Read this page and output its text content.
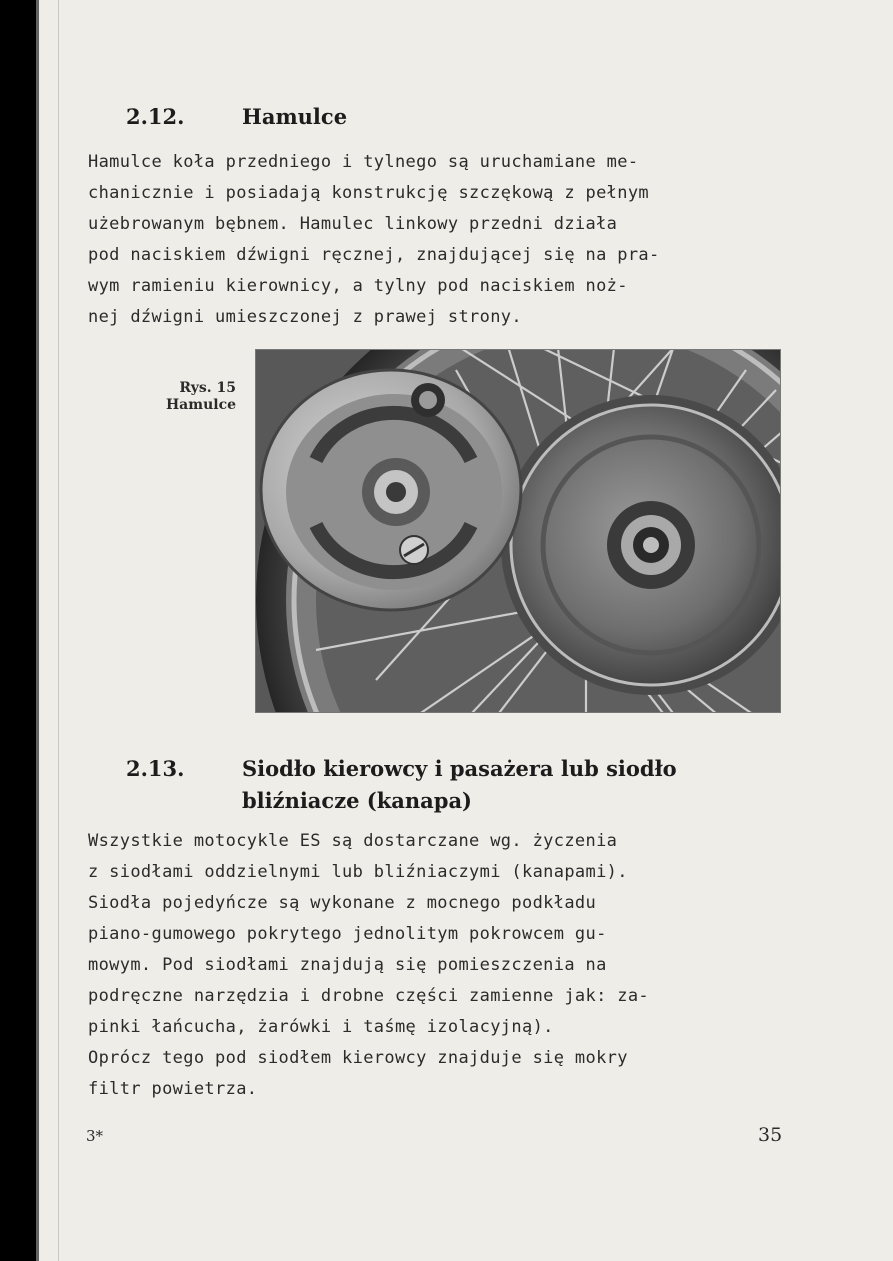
2.12.	Hamulce
Hamulce koła przedniego i tylnego są uruchamiane me-
chanicznie i posiadają konstrukcję szczękową z pełnym
użebrowanym bębnem. Hamulec linkowy przedni działa
pod naciskiem dźwigni ręcznej, znajdującej się na pra-
wym ramieniu kierownicy, a tylny pod naciskiem noż-
nej dźwigni umieszczonej z prawej strony.
Rys. 15
Hamulce
2.13.	Siodło kierowcy i pasażera lub siodło
bliźniacze (kanapa)
Wszystkie motocykle ES są dostarczane wg. życzenia
z siodłami oddzielnymi lub bliźniaczymi (kanapami).
Siodła pojedyńcze są wykonane z mocnego podkładu
piano-gumowego pokrytego jednolitym pokrowcem gu-
mowym. Pod siodłami znajdują się pomieszczenia na
podręczne narzędzia i drobne części zamienne jak: za-
pinki łańcucha, żarówki i taśmę izolacyjną).
Oprócz tego pod siodłem kierowcy znajduje się mokry
filtr powietrza.
3*	35
